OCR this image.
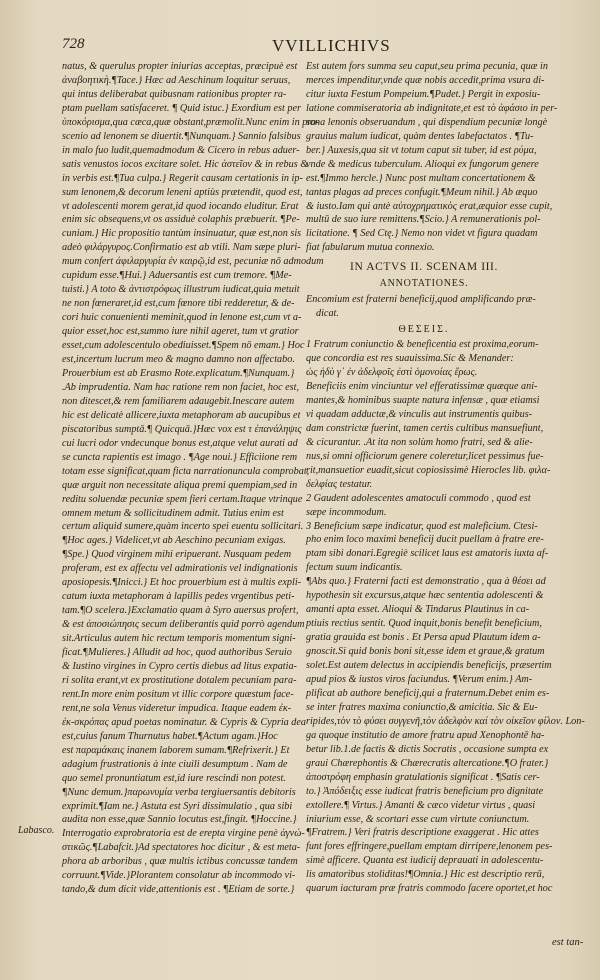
728	VVILLICHIVS

natus, & querulus propter iniurias acceptas, præcipuè est

ἀναβοητικὴ.¶Tace.} Hæc ad Aeschinum loquitur seruus,

qui intus deliberabat quibusnam rationibus propter ra-

ptam puellam satisfaceret. ¶ Quid istuc.} Exordium est per

ὑποκόρισμα,qua cæca,quæ obstant,præmolit.Nunc enim in pro-

scenio ad lenonem se diuertit.¶Nunquam.} Sannio falsibus

in malo fuo ludit,quemadmodum & Cicero in rebus aduer-

satis venustos iocos excitare solet. Hic ἀστεῖον & in rebus &

in verbis est.¶Tua culpa.} Regerit causam certationis in ip-

sum lenonem,& decorum leneni aptiùs prætendit, quod est,

vt adolescenti morem gerat,id quod iocando eluditur. Erat

enim sic obsequens,vt os assiduè colaphis præbuerit. ¶Pe-

cuniam.} Hic propositio tantùm insinuatur, quæ est,non sis

adeò φιλάργυρος.Confirmatio est ab vtili. Nam sæpe pluri-

mum confert ἀφιλαργυρία ἐν καιρῷ,id est, pecuniæ nō admodum

cupidum esse.¶Hui.} Aduersantis est cum tremore. ¶Me-

tuisti.} A toto & ἀντιστρόφως illustrum iudicat,quia metuit

ne non fœneraret,id est,cum fœnore tibi redderetur, & de-

cori huic conuenienti meminit,quod in lenone est,cum vt a-

quior esset,hoc est,summo iure nihil ageret, tum vt gratior

esset,cum adolescentulo obediuisset.¶Spem nō emam.} Hoc

est,incertum lucrum meo & magno damno non affectabo.

Prouerbium est ab Erasmo Rote.explicatum.¶Nunquam.}

.Ab imprudentia. Nam hac ratione rem non faciet, hoc est,

non ditescet,& rem familiarem adaugebit.Inescare autem

hic est delicatè allicere,iuxta metaphoram ab aucupibus et

piscatoribus sumptā.¶ Quicquā.}Hæc vox est τ ἐπανάληψις

cui lucri odor vndecunque bonus est,atque velut aurati ad

se cuncta rapientis est imago . ¶Age noui.} Efficiione rem

totam esse significat,quam ficta narrationuncula comprobat,

quæ arguit non necessitate aliqua premi quempiam,sed in

reditu soluendæ pecuniæ spem fieri certam.Itaque vtrinque

omnem metum & sollicitudinem admit. Tutius enim est

certum aliquid sumere,quàm incerto spei euentu sollicitari.

¶Hoc ages.} Videlicet,vt ab Aeschino pecuniam exigas.

¶Spe.} Quod virginem mihi eripuerant. Nusquam pedem

proferam, est ex affectu vel admirationis vel indignationis

aposiopesis.¶Inicci.} Et hoc prouerbium est à multis expli-

catum iuxta metaphoram à lapillis pedes vrgentibus peti-

tam.¶O scelera.}Exclamatio quam à Syro auersus profert,

& est ἀποσιώπησις secum deliberantis quid porrò agendum

sit.Articulus autem hic rectum temporis momentum signi-

ficat.¶Mulieres.} Alludit ad hoc, quod authoribus Seruio

& Iustino virgines in Cypro certis diebus ad litus expatia-

ri solita erant,vt ex prostitutione dotalem pecuniam para-

rent.In more enim positum vt illic corpore quæstum face-

rent,ne sola Venus videretur impudica. Itaque eadem ἐκ-

ἐκ-σκρόπας apud poetas nominatur. & Cypris & Cypria dea

est,cuius fanum Thurnutus habet.¶Actum agam.}Hoc

est παραμάκαις inanem laborem sumam.¶Refrixerit.} Et

adagium frustrationis à inte ciuili desumptum . Nam de

quo semel pronuntiatum est,id iure rescindi non potest.

¶Nunc demum.}παρωνυμία verba tergiuersantis debitoris

exprimit.¶Iam ne.} Astuta est Syri dissimulatio , qua sibi

audita non esse,quæ Sannio locutus est,fingit. ¶Hoccine.}

Interrogatio exprobratoria est de erepta virgine penè ἀγνώ-

στικῶς.¶Labafcit.}Ad spectatores hoc dicitur , & est meta-

phora ab arboribus , quæ multis ictibus concussæ tandem

corruunt.¶Vide.}Plorantem consolatur ab incommodo vi-

tando,& dum dicit vide,attentionis est . ¶Etiam de sorte.}

Est autem fors summa seu caput,seu prima pecunia, quæ in

merces impenditur,vnde quæ nobis accedit,prima vsura di-

citur iuxta Festum Pompeium.¶Pudet.} Pergit in exposiu-

latione commiseratoria ab indignitate,et est τὸ ἀφάσιο in per-

sona lenonis obseruandum , qui dispendium pecuniæ longè

grauius malum iudicat, quàm dentes labefactatos . ¶Tu-

ber.} Auxesis,qua sit vt totum caput sit tuber, id est ρύμα,

vnde & medicus tuberculum. Alioqui ex fungorum genere

est.¶Immo hercle.} Nunc post multam concertationem &

tantas plagas ad preces confugit.¶Meum nihil.} Ab æquo

& iusto.Iam qui antè αὐτοχρηματικὸς erat,æquior esse cupit,

multū de suo iure remittens.¶Scio.} A remunerationis pol-

licitatione. ¶ Sed Ctę.} Nemo non videt vt figura quadam

fiat fabularum mutua connexio.

IN ACTVS II. SCENAM III.
ANNOTATIONES.

Encomium est fraterni beneficij,quod amplificando præ-

dicat.

ΘΕΣΕΙΣ.

1 Fratrum coniunctio & beneficentia est proxima,eorum-

que concordia est res suauissima.Sic & Menander:

ὡς ἡδὺ γ᾽ ἐν ἀδελφοῖς ἐστὶ ὁμονοίας ἔρως.

Beneficiis enim vinciuntur vel efferatissimæ quæque ani-

mantes,& hominibus suapte natura infensæ , quæ etiamsi

vi quadam adductæ,& vinculis aut instrumentis quibus-

dam constrictæ fuerint, tamen certis cultibus mansuefiunt,

& cicurantur. .At ita non solùm homo fratri, sed & alie-

nus,si omni officiorum genere coleretur,licet pessimus fue-

rit,mansuetior euadit,sicut copiosissimè Hierocles lib. φιλα-

δελφίας testatur.

2 Gaudent adolescentes amatoculi commodo , quod est

sæpe incommodum.

3 Beneficium sæpe indicatur, quod est maleficium. Ctesi-

pho enim loco maximi beneficij ducit puellam à fratre ere-

ptam sibi donari.Egregiè scilicet laus est amatoris iuxta af-

fectum suum indicantis.

¶Abs quo.} Fraterni facti est demonstratio , qua à θέσει ad

hypothesin sit excursus,atque hæc sententia adolescenti &

amanti apta esset. Alioqui & Tindarus Plautinus in ca-

ptiuis rectius sentit. Quod inquit,bonis benefit beneficium,

gratia grauida est bonis . Et Persa apud Plautum idem a-

gnoscit.Si quid bonis boni sit,esse idem et graue,& gratum

solet.Est autem delectus in accipiendis beneficijs, præsertim

apud pios & iustos viros faciundus. ¶Verum enim.} Am-

plificat ab authore beneficij,qui a fraternum.Debet enim es-

se inter fratres maxima coniunctio,& amicitia. Sic & Eu-

ripides,τὸν τὸ φύσει συγγενῆ,τὸν ἀδελφὸν καί τὸν οἰκεῖον φίλον. Lon-

ga quoque institutio de amore fratru apud Xenophontē ha-

betur lib.1.de factis & dictis Socratis , occasione sumpta ex

graui Chærephontis & Chærecratis altercatione.¶O frater.}

ἀποστρόφη emphasin gratulationis significat . ¶Satis cer-

to.} Ἀπόδειξις esse iudicat fratris beneficium pro dignitate

extollere.¶ Virtus.} Amanti & cæco videtur virtus , quasi

iniurium esse, & scortari esse cum virtute coniunctum.

¶Fratrem.} Veri fratris descriptione exaggerat . Hic attes

funt fores effringere,puellam emptam dirripere,lenonem pes-

simè afficere. Quanta est iudicij deprauati in adolescentu-

lis amatoribus stoliditas!¶Omnia.} Hic est descriptio rerū,

quarum iacturam præ fratris commodo facere oportet,et hoc

Labasco.
est tan-
